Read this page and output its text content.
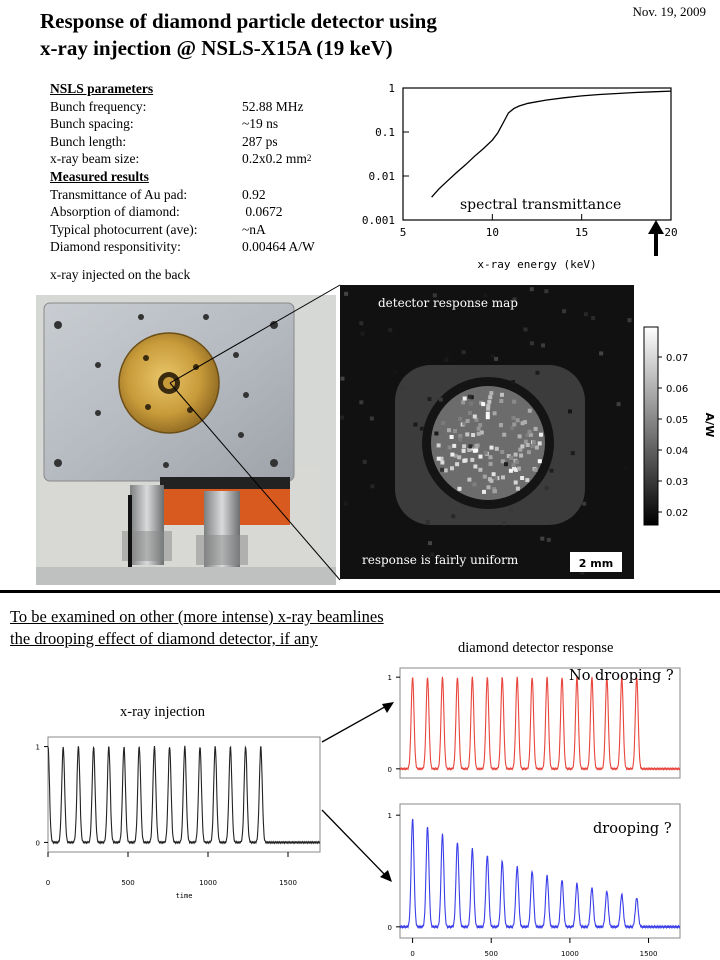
Response of diamond particle detector using
x-ray injection @ NSLS-X15A (19 keV)
Nov. 19, 2009
NSLS parameters
Bunch frequency:	52.88 MHz
Bunch spacing:	~19 ns
Bunch length:	287 ps
x-ray beam size:	0.2x0.2 mm 2
Measured results
Transmittance of Au pad:	0.92
Absorption of diamond:	0.0672
Typical photocurrent (ave):	~nA
Diamond responsitivity:	0.00464 A/W
x-ray injected on the back
1
0.1
0.01
0.001
5	10	15	20
spectral transmittance
x-ray energy (keV)
detector response map
response is fairly uniform	2 mm
0.07
0.06
0.05
0.04
0.03
0.02
A/W
To be examined on other (more intense) x-ray beamlines
the drooping effect of diamond detector, if any	diamond detector response
x-ray injection
1
0
0	500	1000	1500
time
1
0
1
0
0	500	1000	1500
No drooping ?
drooping ?
